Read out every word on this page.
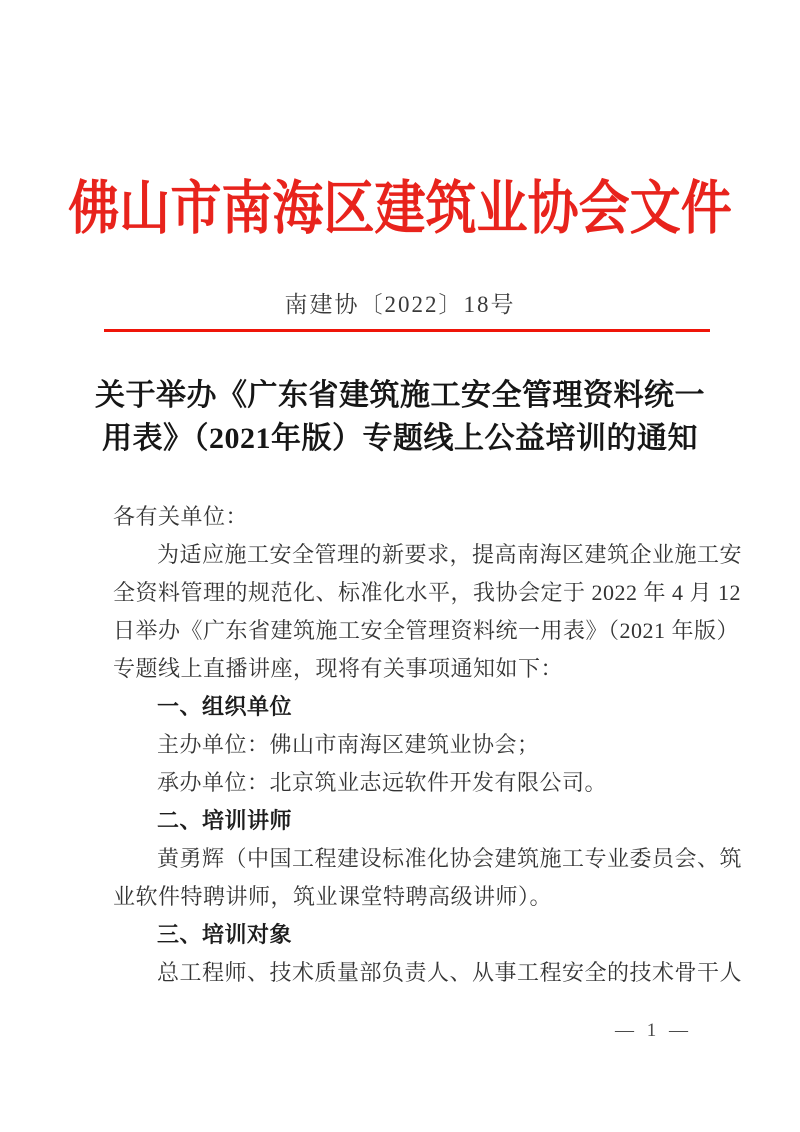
佛山市南海区建筑业协会文件
南建协〔2022〕18号
关于举办《广东省建筑施工安全管理资料统一
用表》（2021年版）专题线上公益培训的通知
各有关单位：
为适应施工安全管理的新要求，提高南海区建筑企业施工安
全资料管理的规范化、标准化水平，我协会定于 2022 年 4 月 12
日举办《广东省建筑施工安全管理资料统一用表》（2021 年版）
专题线上直播讲座，现将有关事项通知如下：
一、组织单位
主办单位：佛山市南海区建筑业协会；
承办单位：北京筑业志远软件开发有限公司。
二、培训讲师
黄勇辉（中国工程建设标准化协会建筑施工专业委员会、筑
业软件特聘讲师，筑业课堂特聘高级讲师）。
三、培训对象
总工程师、技术质量部负责人、从事工程安全的技术骨干人
— 1 —
